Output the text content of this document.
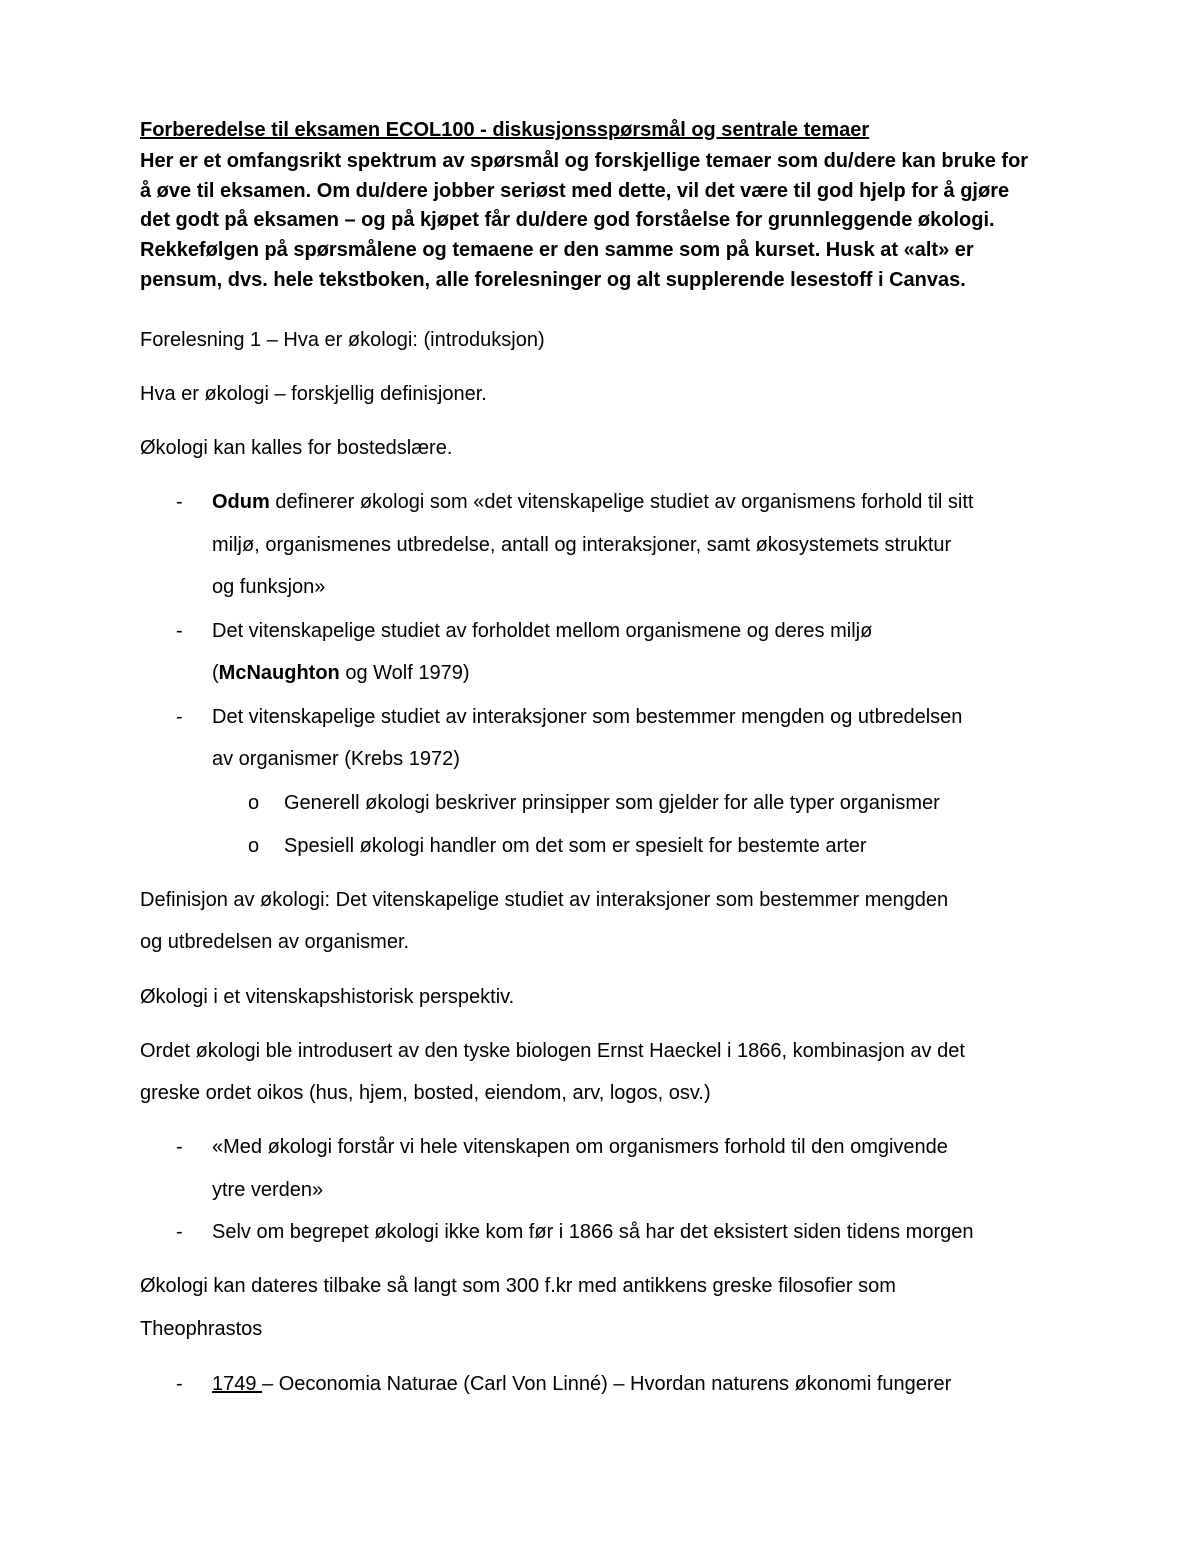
Forberedelse til eksamen ECOL100 - diskusjonsspørsmål og sentrale temaer
Her er et omfangsrikt spektrum av spørsmål og forskjellige temaer som du/dere kan bruke for
å øve til eksamen. Om du/dere jobber seriøst med dette, vil det være til god hjelp for å gjøre
det godt på eksamen – og på kjøpet får du/dere god forståelse for grunnleggende økologi.
Rekkefølgen på spørsmålene og temaene er den samme som på kurset. Husk at «alt» er
pensum, dvs. hele tekstboken, alle forelesninger og alt supplerende lesestoff i Canvas.
Forelesning 1 – Hva er økologi: (introduksjon)
Hva er økologi – forskjellig definisjoner.
Økologi kan kalles for bostedslære.
- Odum definerer økologi som «det vitenskapelige studiet av organismens forhold til sitt
miljø, organismenes utbredelse, antall og interaksjoner, samt økosystemets struktur
og funksjon»
- Det vitenskapelige studiet av forholdet mellom organismene og deres miljø
(McNaughton og Wolf 1979)
- Det vitenskapelige studiet av interaksjoner som bestemmer mengden og utbredelsen
av organismer (Krebs 1972)
o Generell økologi beskriver prinsipper som gjelder for alle typer organismer
o Spesiell økologi handler om det som er spesielt for bestemte arter
Definisjon av økologi: Det vitenskapelige studiet av interaksjoner som bestemmer mengden
og utbredelsen av organismer.
Økologi i et vitenskapshistorisk perspektiv.
Ordet økologi ble introdusert av den tyske biologen Ernst Haeckel i 1866, kombinasjon av det
greske ordet oikos (hus, hjem, bosted, eiendom, arv, logos, osv.)
- «Med økologi forstår vi hele vitenskapen om organismers forhold til den omgivende
ytre verden»
- Selv om begrepet økologi ikke kom før i 1866 så har det eksistert siden tidens morgen
Økologi kan dateres tilbake så langt som 300 f.kr med antikkens greske filosofier som
Theophrastos
- 1749 – Oeconomia Naturae (Carl Von Linné) – Hvordan naturens økonomi fungerer
